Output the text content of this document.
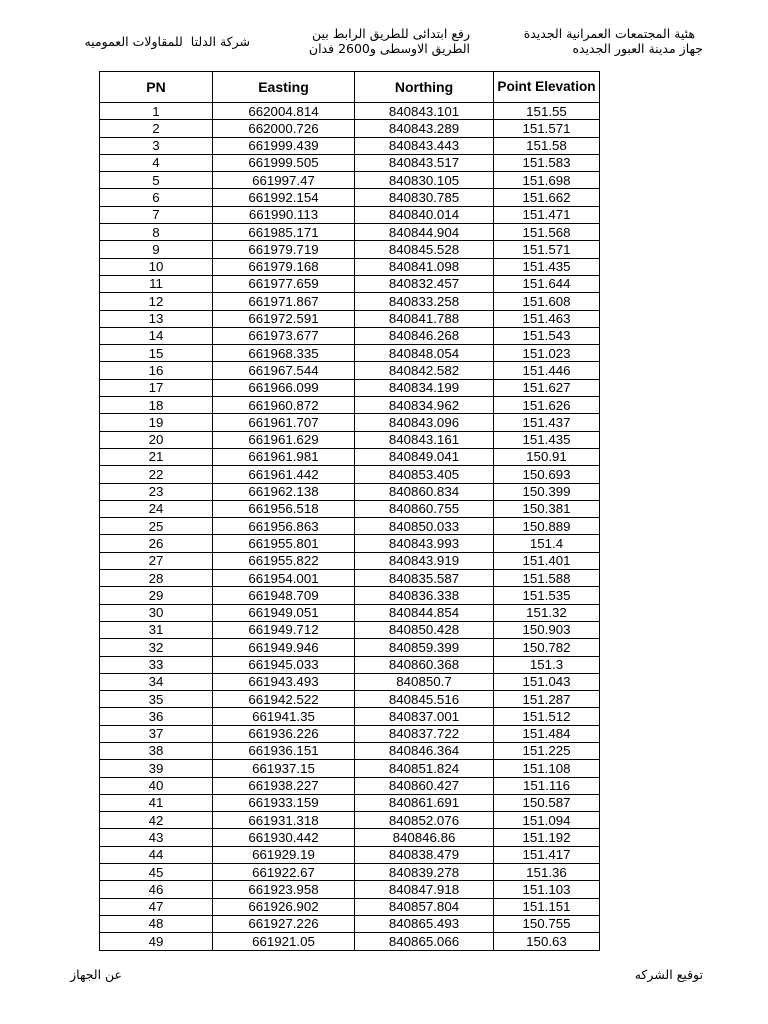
هئية المجتمعات العمرانية الجديدة
جهاز مدينة العبور الجديده
رفع ابتدائى للطريق الرابط بين
الطريق الاوسطى و2600 فدان
شركة الدلتا  للمقاولات العموميه
PN	Easting	Northing	Point Elevation
1	662004.814	840843.101	151.55
2	662000.726	840843.289	151.571
3	661999.439	840843.443	151.58
4	661999.505	840843.517	151.583
5	661997.47	840830.105	151.698
6	661992.154	840830.785	151.662
7	661990.113	840840.014	151.471
8	661985.171	840844.904	151.568
9	661979.719	840845.528	151.571
10	661979.168	840841.098	151.435
11	661977.659	840832.457	151.644
12	661971.867	840833.258	151.608
13	661972.591	840841.788	151.463
14	661973.677	840846.268	151.543
15	661968.335	840848.054	151.023
16	661967.544	840842.582	151.446
17	661966.099	840834.199	151.627
18	661960.872	840834.962	151.626
19	661961.707	840843.096	151.437
20	661961.629	840843.161	151.435
21	661961.981	840849.041	150.91
22	661961.442	840853.405	150.693
23	661962.138	840860.834	150.399
24	661956.518	840860.755	150.381
25	661956.863	840850.033	150.889
26	661955.801	840843.993	151.4
27	661955.822	840843.919	151.401
28	661954.001	840835.587	151.588
29	661948.709	840836.338	151.535
30	661949.051	840844.854	151.32
31	661949.712	840850.428	150.903
32	661949.946	840859.399	150.782
33	661945.033	840860.368	151.3
34	661943.493	840850.7	151.043
35	661942.522	840845.516	151.287
36	661941.35	840837.001	151.512
37	661936.226	840837.722	151.484
38	661936.151	840846.364	151.225
39	661937.15	840851.824	151.108
40	661938.227	840860.427	151.116
41	661933.159	840861.691	150.587
42	661931.318	840852.076	151.094
43	661930.442	840846.86	151.192
44	661929.19	840838.479	151.417
45	661922.67	840839.278	151.36
46	661923.958	840847.918	151.103
47	661926.902	840857.804	151.151
48	661927.226	840865.493	150.755
49	661921.05	840865.066	150.63
توقيع الشركه
عن الجهاز
